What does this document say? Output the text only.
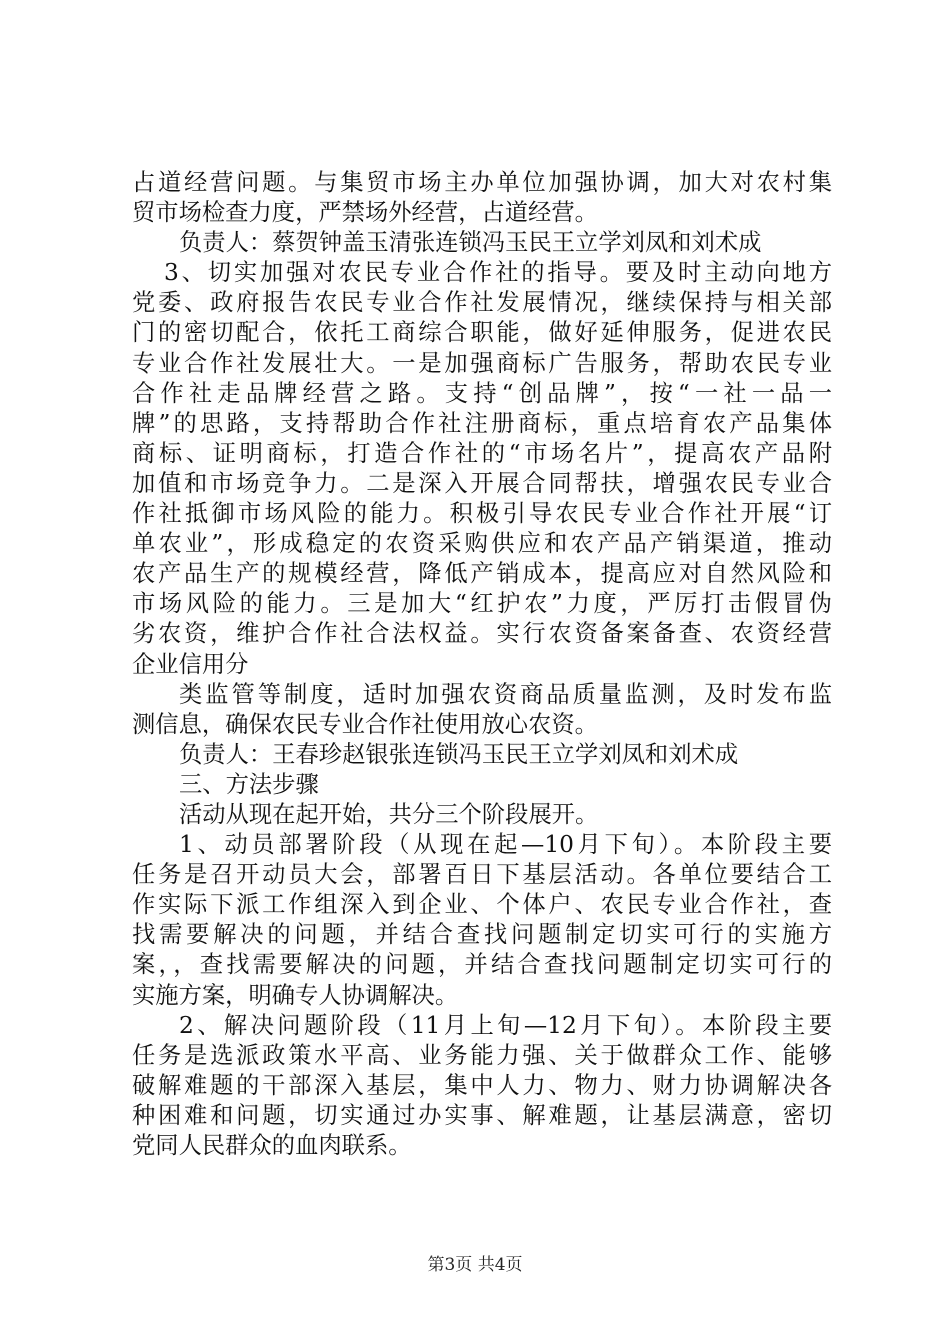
占道经营问题。与集贸市场主办单位加强协调，加大对农村集
贸市场检查力度，严禁场外经营，占道经营。
负责人：蔡贺钟盖玉清张连锁冯玉民王立学刘凤和刘术成
3、切实加强对农民专业合作社的指导。要及时主动向地方
党委、政府报告农民专业合作社发展情况，继续保持与相关部
门的密切配合，依托工商综合职能，做好延伸服务，促进农民
专业合作社发展壮大。一是加强商标广告服务，帮助农民专业
合作社走品牌经营之路。支持“创品牌”，按“一社一品一
牌”的思路，支持帮助合作社注册商标，重点培育农产品集体
商标、证明商标，打造合作社的“市场名片”，提高农产品附
加值和市场竞争力。二是深入开展合同帮扶，增强农民专业合
作社抵御市场风险的能力。积极引导农民专业合作社开展“订
单农业”，形成稳定的农资采购供应和农产品产销渠道，推动
农产品生产的规模经营，降低产销成本，提高应对自然风险和
市场风险的能力。三是加大“红护农”力度，严厉打击假冒伪
劣农资，维护合作社合法权益。实行农资备案备查、农资经营
企业信用分
类监管等制度，适时加强农资商品质量监测，及时发布监
测信息，确保农民专业合作社使用放心农资。
负责人：王春珍赵银张连锁冯玉民王立学刘凤和刘术成
三、方法步骤
活动从现在起开始，共分三个阶段展开。
1、动员部署阶段（从现在起—10月下旬）。本阶段主要
任务是召开动员大会，部署百日下基层活动。各单位要结合工
作实际下派工作组深入到企业、个体户、农民专业合作社，查
找需要解决的问题，并结合查找问题制定切实可行的实施方
案，，查找需要解决的问题，并结合查找问题制定切实可行的
实施方案，明确专人协调解决。
2、解决问题阶段（11月上旬—12月下旬）。本阶段主要
任务是选派政策水平高、业务能力强、关于做群众工作、能够
破解难题的干部深入基层，集中人力、物力、财力协调解决各
种困难和问题，切实通过办实事、解难题，让基层满意，密切
党同人民群众的血肉联系。
第3页 共4页
